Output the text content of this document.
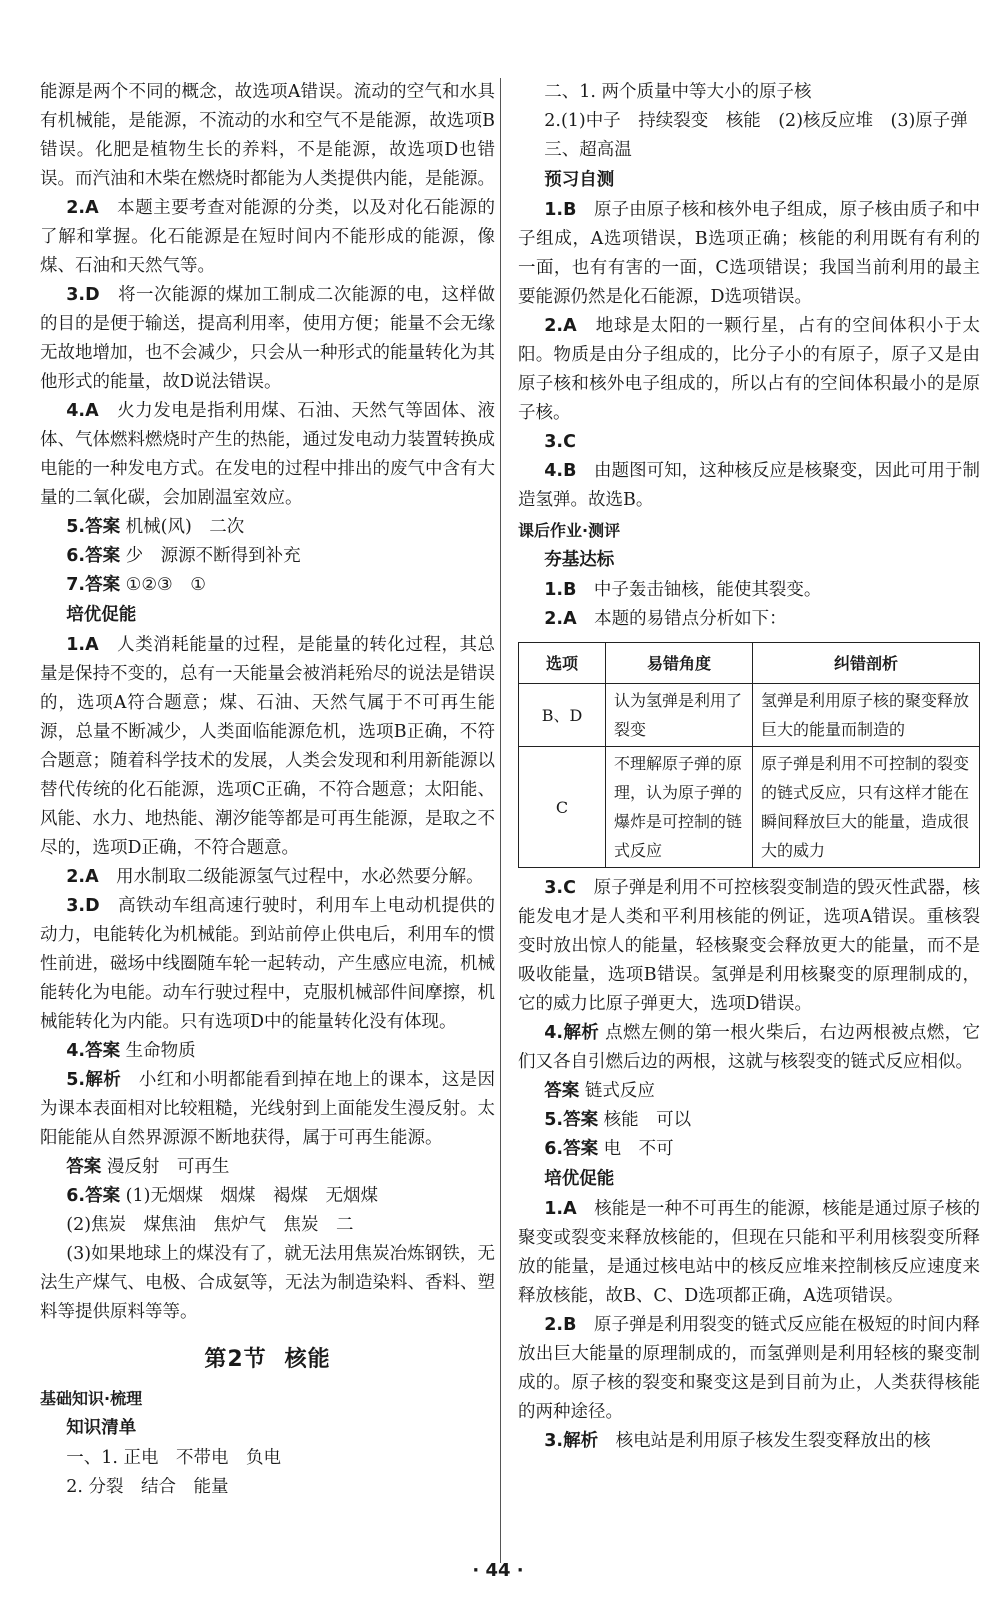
能源是两个不同的概念，故选项A错误。流动的空气和水具有机械能，是能源，不流动的水和空气不是能源，故选项B错误。化肥是植物生长的养料，不是能源，故选项D也错误。而汽油和木柴在燃烧时都能为人类提供内能，是能源。

2.A　 本题主要考查对能源的分类，以及对化石能源的了解和掌握。化石能源是在短时间内不能形成的能源，像煤、石油和天然气等。

3.D　 将一次能源的煤加工制成二次能源的电，这样做的目的是便于输送，提高利用率，使用方便；能量不会无缘无故地增加，也不会减少，只会从一种形式的能量转化为其他形式的能量，故D说法错误。

4.A　 火力发电是指利用煤、石油、天然气等固体、液体、气体燃料燃烧时产生的热能，通过发电动力装置转换成电能的一种发电方式。在发电的过程中排出的废气中含有大量的二氧化碳，会加剧温室效应。

5.答案 机械(风)　二次

6.答案 少　源源不断得到补充

7.答案 ①②③　①

培优促能

1.A　 人类消耗能量的过程，是能量的转化过程，其总量是保持不变的，总有一天能量会被消耗殆尽的说法是错误的，选项A符合题意；煤、石油、天然气属于不可再生能源，总量不断减少，人类面临能源危机，选项B正确，不符合题意；随着科学技术的发展，人类会发现和利用新能源以替代传统的化石能源，选项C正确，不符合题意；太阳能、风能、水力、地热能、潮汐能等都是可再生能源，是取之不尽的，选项D正确，不符合题意。

2.A　 用水制取二级能源氢气过程中，水必然要分解。

3.D　 高铁动车组高速行驶时，利用车上电动机提供的动力，电能转化为机械能。到站前停止供电后，利用车的惯性前进，磁场中线圈随车轮一起转动，产生感应电流，机械能转化为电能。动车行驶过程中，克服机械部件间摩擦，机械能转化为内能。只有选项D中的能量转化没有体现。

4.答案 生命物质

5.解析　 小红和小明都能看到掉在地上的课本，这是因为课本表面相对比较粗糙，光线射到上面能发生漫反射。太阳能能从自然界源源不断地获得，属于可再生能源。

答案 漫反射　可再生

6.答案 (1)无烟煤　烟煤　褐煤　无烟煤

(2)焦炭　煤焦油　焦炉气　焦炭　二

(3)如果地球上的煤没有了，就无法用焦炭冶炼钢铁，无法生产煤气、电极、合成氨等，无法为制造染料、香料、塑料等提供原料等等。

第2节 核能
基础知识·梳理
知识清单

一、1. 正电　不带电　负电

2. 分裂　结合　能量

二、1. 两个质量中等大小的原子核

2.(1)中子　持续裂变　核能　(2)核反应堆　(3)原子弹

三、超高温

预习自测

1.B　 原子由原子核和核外电子组成，原子核由质子和中子组成，A选项错误，B选项正确；核能的利用既有有利的一面，也有有害的一面，C选项错误；我国当前利用的最主要能源仍然是化石能源，D选项错误。

2.A　 地球是太阳的一颗行星，占有的空间体积小于太阳。物质是由分子组成的，比分子小的有原子，原子又是由原子核和核外电子组成的，所以占有的空间体积最小的是原子核。

3.C

4.B　 由题图可知，这种核反应是核聚变，因此可用于制造氢弹。故选B。

课后作业·测评
夯基达标

1.B　 中子轰击铀核，能使其裂变。

2.A　 本题的易错点分析如下：

选项	易错角度	纠错剖析
B、D	认为氢弹是利用了裂变	氢弹是利用原子核的聚变释放巨大的能量而制造的
C	不理解原子弹的原理，认为原子弹的爆炸是可控制的链式反应	原子弹是利用不可控制的裂变的链式反应，只有这样才能在瞬间释放巨大的能量，造成很大的威力

3.C　 原子弹是利用不可控核裂变制造的毁灭性武器，核能发电才是人类和平利用核能的例证，选项A错误。重核裂变时放出惊人的能量，轻核聚变会释放更大的能量，而不是吸收能量，选项B错误。氢弹是利用核聚变的原理制成的，它的威力比原子弹更大，选项D错误。

4.解析 点燃左侧的第一根火柴后，右边两根被点燃，它们又各自引燃后边的两根，这就与核裂变的链式反应相似。

答案 链式反应

5.答案 核能　可以

6.答案 电　不可

培优促能

1.A　 核能是一种不可再生的能源，核能是通过原子核的聚变或裂变来释放核能的，但现在只能和平利用核裂变所释放的能量，是通过核电站中的核反应堆来控制核反应速度来释放核能，故B、C、D选项都正确，A选项错误。

2.B　 原子弹是利用裂变的链式反应能在极短的时间内释放出巨大能量的原理制成的，而氢弹则是利用轻核的聚变制成的。原子核的裂变和聚变这是到目前为止，人类获得核能的两种途径。

3.解析　 核电站是利用原子核发生裂变释放出的核

· 44 ·
